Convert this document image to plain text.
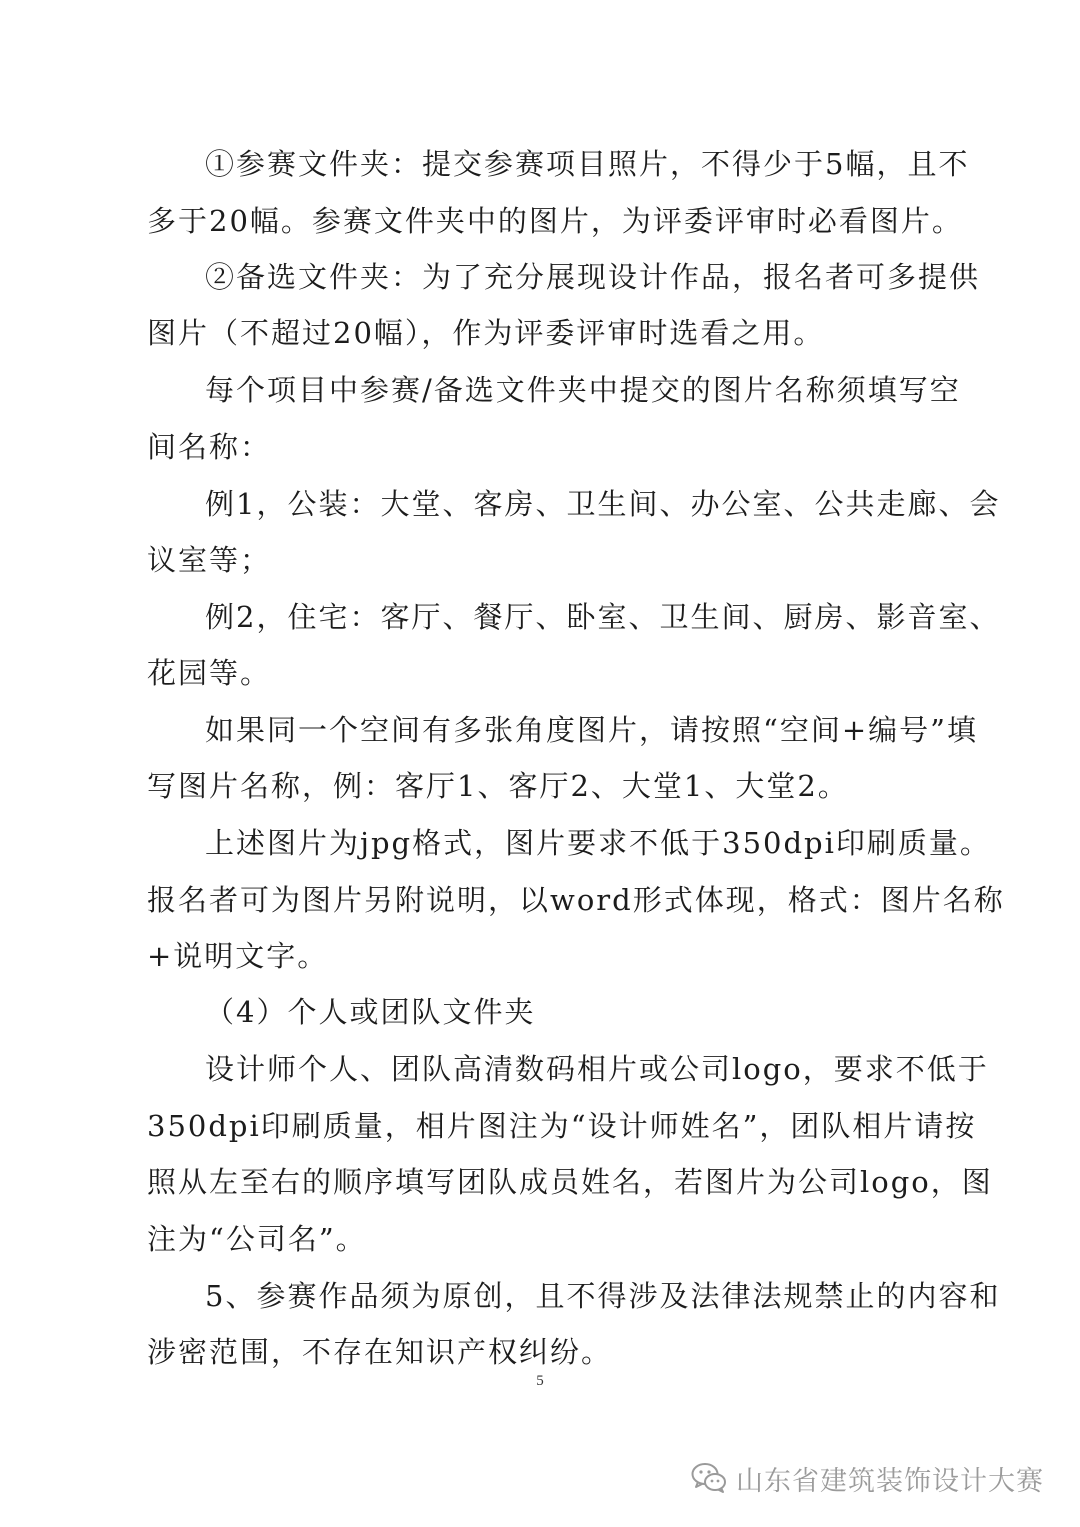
①参赛文件夹：提交参赛项目照片，不得少于5幅，且不
多于20幅。参赛文件夹中的图片，为评委评审时必看图片。
②备选文件夹：为了充分展现设计作品，报名者可多提供
图片（不超过20幅），作为评委评审时选看之用。
每个项目中参赛/备选文件夹中提交的图片名称须填写空
间名称：
例1，公装：大堂、客房、卫生间、办公室、公共走廊、会
议室等；
例2，住宅：客厅、餐厅、卧室、卫生间、厨房、影音室、
花园等。
如果同一个空间有多张角度图片，请按照“空间+编号”填
写图片名称，例：客厅1、客厅2、大堂1、大堂2。
上述图片为jpg格式，图片要求不低于350dpi印刷质量。
报名者可为图片另附说明，以word形式体现，格式：图片名称
+说明文字。
（4）个人或团队文件夹
设计师个人、团队高清数码相片或公司logo，要求不低于
350dpi印刷质量，相片图注为“设计师姓名”，团队相片请按
照从左至右的顺序填写团队成员姓名，若图片为公司logo，图
注为“公司名”。
5、参赛作品须为原创，且不得涉及法律法规禁止的内容和
涉密范围，不存在知识产权纠纷。
5
山东省建筑装饰设计大赛
